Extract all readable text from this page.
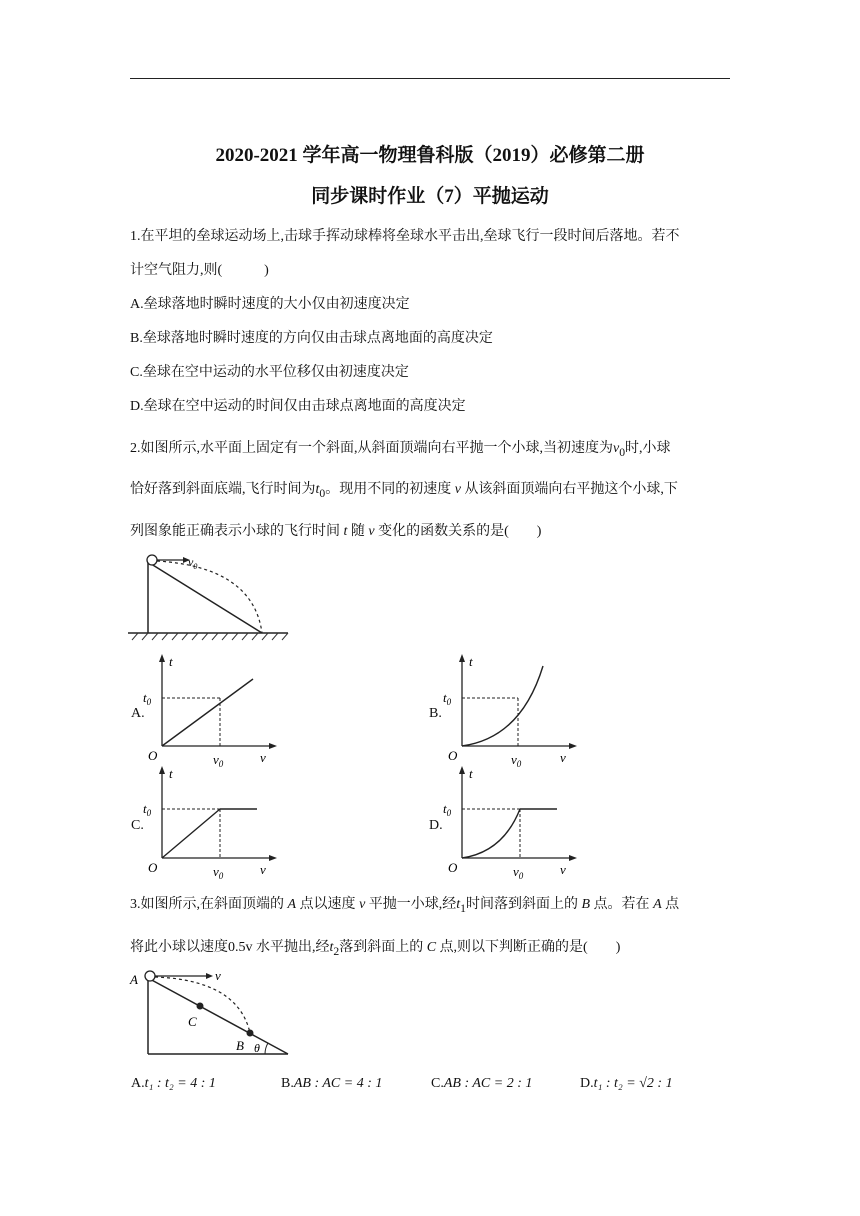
2020-2021 学年高一物理鲁科版（2019）必修第二册
同步课时作业（7）平抛运动
1.在平坦的垒球运动场上,击球手挥动球棒将垒球水平击出,垒球飞行一段时间后落地。若不
计空气阻力,则(　　　)
A.垒球落地时瞬时速度的大小仅由初速度决定
B.垒球落地时瞬时速度的方向仅由击球点离地面的高度决定
C.垒球在空中运动的水平位移仅由初速度决定
D.垒球在空中运动的时间仅由击球点离地面的高度决定
2.如图所示,水平面上固定有一个斜面,从斜面顶端向右平抛一个小球,当初速度为$v_0$时,小球
恰好落到斜面底端,飞行时间为$t_0$。现用不同的初速度 v 从该斜面顶端向右平抛这个小球,下
列图象能正确表示小球的飞行时间 t 随 v 变化的函数关系的是(　　)
$v_0$
A.
t
$t_0$
O	$v_0$	v
B.
t
$t_0$
O	$v_0$	v
C.
t
$t_0$
O	$v_0$	v
D.
t
$t_0$
O	$v_0$	v
3.如图所示,在斜面顶端的 A 点以速度 v 平抛一小球,经$t_1$时间落到斜面上的 B 点。若在 A 点
将此小球以速度0.5v 水平抛出,经$t_2$落到斜面上的 C 点,则以下判断正确的是(　　)
A	v
C
B θ
A.t₁ : t₂ = 4 : 1	B.AB : AC = 4 : 1	C.AB : AC = 2 : 1	D.t₁ : t₂ = √2 : 1
